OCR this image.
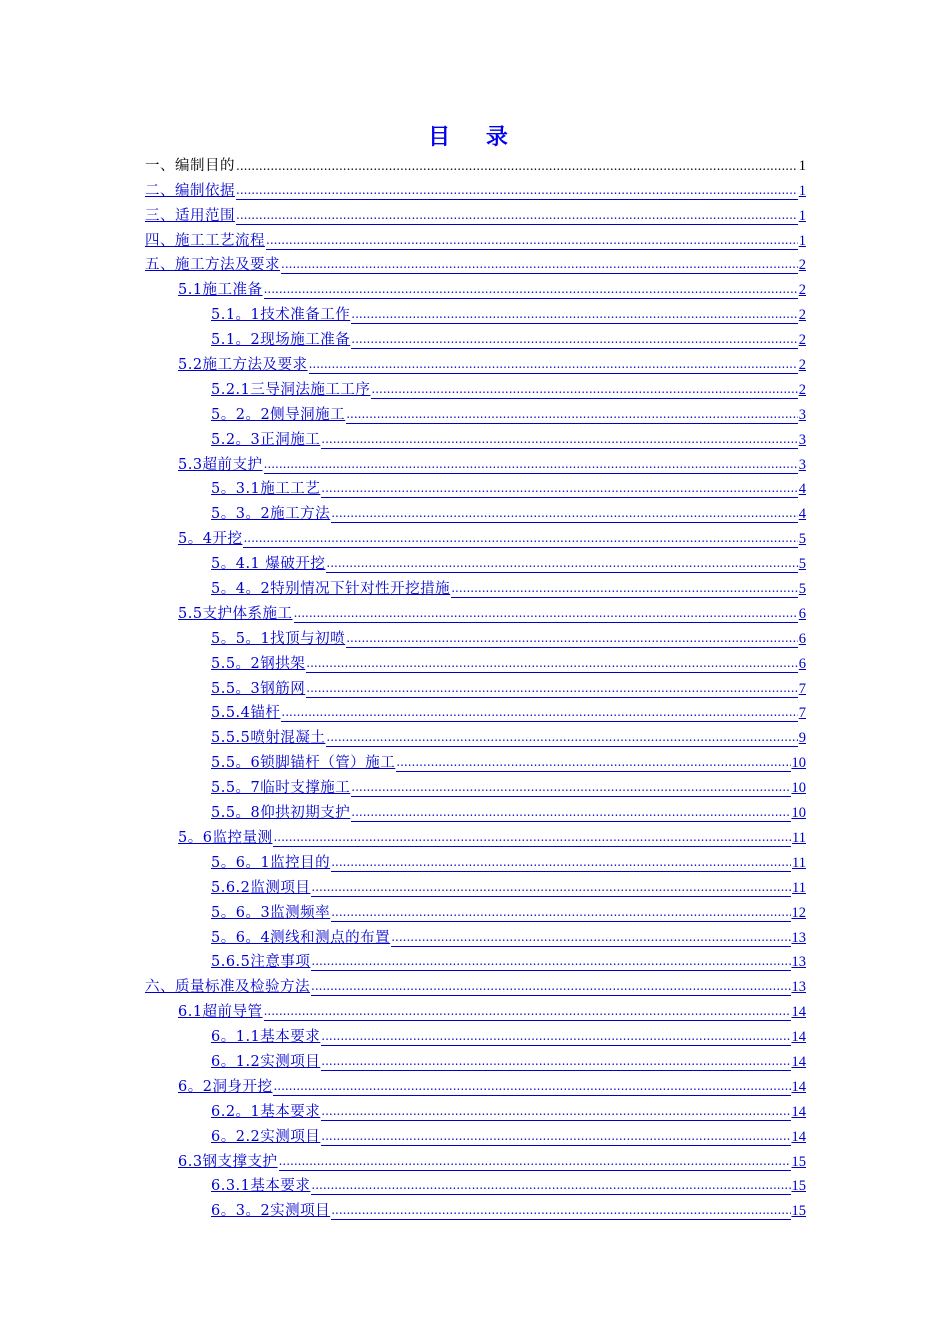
目 录
一、编制目的 .....	1
二、编制依据 .....	1
三、适用范围 .....	1
四、施工工艺流程 .....	1
五、施工方法及要求 .....	2
5.1施工准备 .....	2
5.1。1技术准备工作 .....	2
5.1。2现场施工准备 .....	2
5.2施工方法及要求 .....	2
5.2.1三导洞法施工工序 .....	2
5。2。2侧导洞施工 .....	3
5.2。3正洞施工 .....	3
5.3超前支护 .....	3
5。3.1施工工艺 .....	4
5。3。2施工方法 .....	4
5。4开挖 .....	5
5。4.1 爆破开挖 .....	5
5。4。2特别情况下针对性开挖措施 .....	5
5.5支护体系施工 .....	6
5。5。1找顶与初喷 .....	6
5.5。2钢拱架 .....	6
5.5。3钢筋网 .....	7
5.5.4锚杆 .....	7
5.5.5喷射混凝土 .....	9
5.5。6锁脚锚杆（管）施工 .....	10
5.5。7临时支撑施工 .....	10
5.5。8仰拱初期支护 .....	10
5。6监控量测 .....	11
5。6。1监控目的 .....	11
5.6.2监测项目 .....	11
5。6。3监测频率 .....	12
5。6。4测线和测点的布置 .....	13
5.6.5注意事项 .....	13
六、质量标准及检验方法 .....	13
6.1超前导管 .....	14
6。1.1基本要求 .....	14
6。1.2实测项目 .....	14
6。2洞身开挖 .....	14
6.2。1基本要求 .....	14
6。2.2实测项目 .....	14
6.3钢支撑支护 .....	15
6.3.1基本要求 .....	15
6。3。2实测项目 .....	15
